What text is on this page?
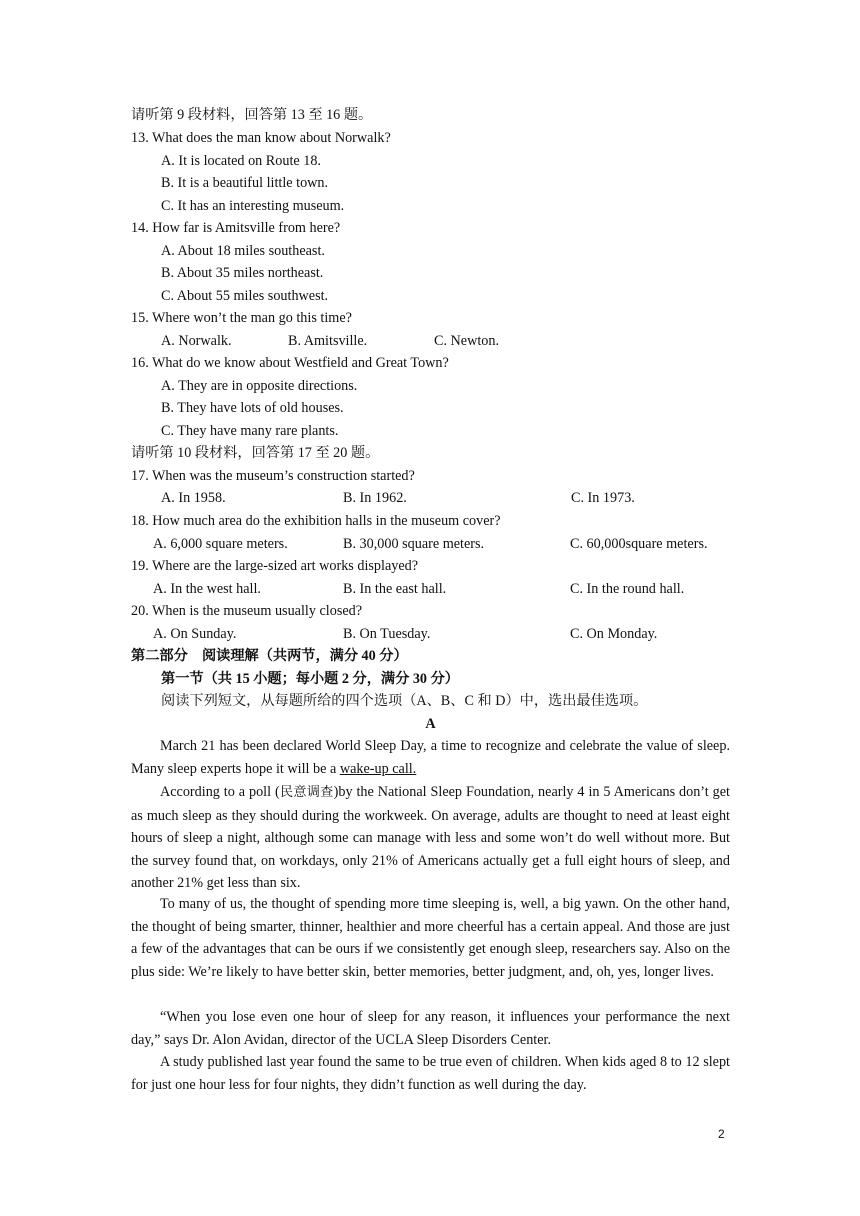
请听第 9 段材料，回答第 13 至 16 题。
13. What does the man know about Norwalk?
A. It is located on Route 18.
B. It is a beautiful little town.
C. It has an interesting museum.
14. How far is Amitsville from here?
A. About 18 miles southeast.
B. About 35 miles northeast.
C. About 55 miles southwest.
15. Where won’t the man go this time?
A. Norwalk.	B. Amitsville.	C. Newton.
16. What do we know about Westfield and Great Town?
A. They are in opposite directions.
B. They have lots of old houses.
C. They have many rare plants.
请听第 10 段材料，回答第 17 至 20 题。
17. When was the museum’s construction started?
A. In 1958.	B. In 1962.	C. In 1973.
18. How much area do the exhibition halls in the museum cover?
A. 6,000 square meters.	B. 30,000 square meters.	C. 60,000square meters.
19. Where are the large-sized art works displayed?
A. In the west hall.	B. In the east hall.	C. In the round hall.
20. When is the museum usually closed?
A. On Sunday.	B. On Tuesday.	C. On Monday.
第二部分　阅读理解（共两节，满分 40 分）
第一节（共 15 小题；每小题 2 分，满分 30 分）
阅读下列短文，从每题所给的四个选项（A、B、C 和 D）中，选出最佳选项。
A
March 21 has been declared World Sleep Day, a time to recognize and celebrate the value of sleep. Many sleep experts hope it will be a wake-up call.
According to a poll (民意调查)by the National Sleep Foundation, nearly 4 in 5 Americans don’t get as much sleep as they should during the workweek. On average, adults are thought to need at least eight hours of sleep a night, although some can manage with less and some won’t do well without more. But the survey found that, on workdays, only 21% of Americans actually get a full eight hours of sleep, and another 21% get less than six.
To many of us, the thought of spending more time sleeping is, well, a big yawn. On the other hand, the thought of being smarter, thinner, healthier and more cheerful has a certain appeal. And those are just a few of the advantages that can be ours if we consistently get enough sleep, researchers say. Also on the plus side: We’re likely to have better skin, better memories, better judgment, and, oh, yes, longer lives.
“When you lose even one hour of sleep for any reason, it influences your performance the next day,” says Dr. Alon Avidan, director of the UCLA Sleep Disorders Center.
A study published last year found the same to be true even of children. When kids aged 8 to 12 slept for just one hour less for four nights, they didn’t function as well during the day.
2
